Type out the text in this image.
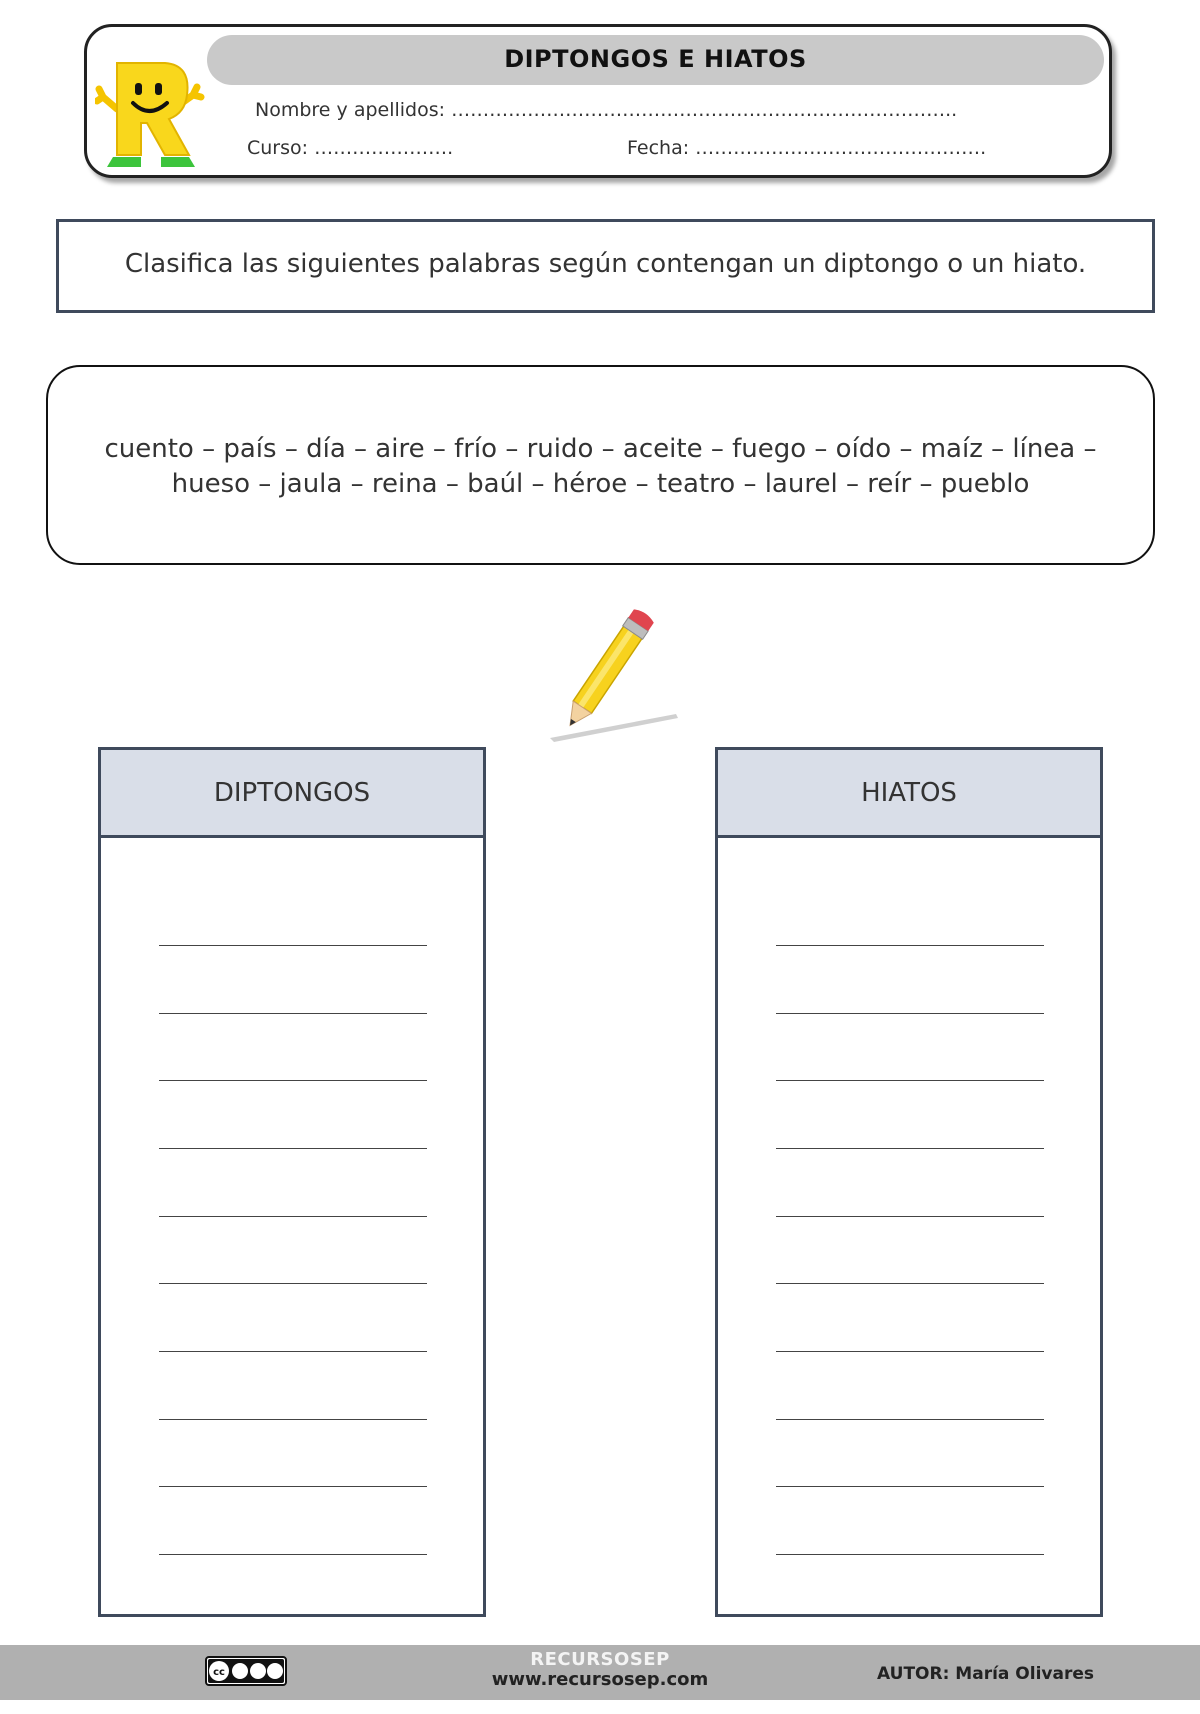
DIPTONGOS E HIATOS
Nombre y apellidos: ……………………………………………………………………..
Curso: ………………….	Fecha: ……………………………………….
Clasifica las siguientes palabras según contengan un diptongo o un hiato.
cuento – país – día – aire – frío – ruido – aceite – fuego – oído – maíz – línea –
hueso – jaula – reina – baúl – héroe – teatro – laurel – reír – pueblo
DIPTONGOS	HIATOS
cc
RECURSOSEP
www.recursosep.com	AUTOR: María Olivares
